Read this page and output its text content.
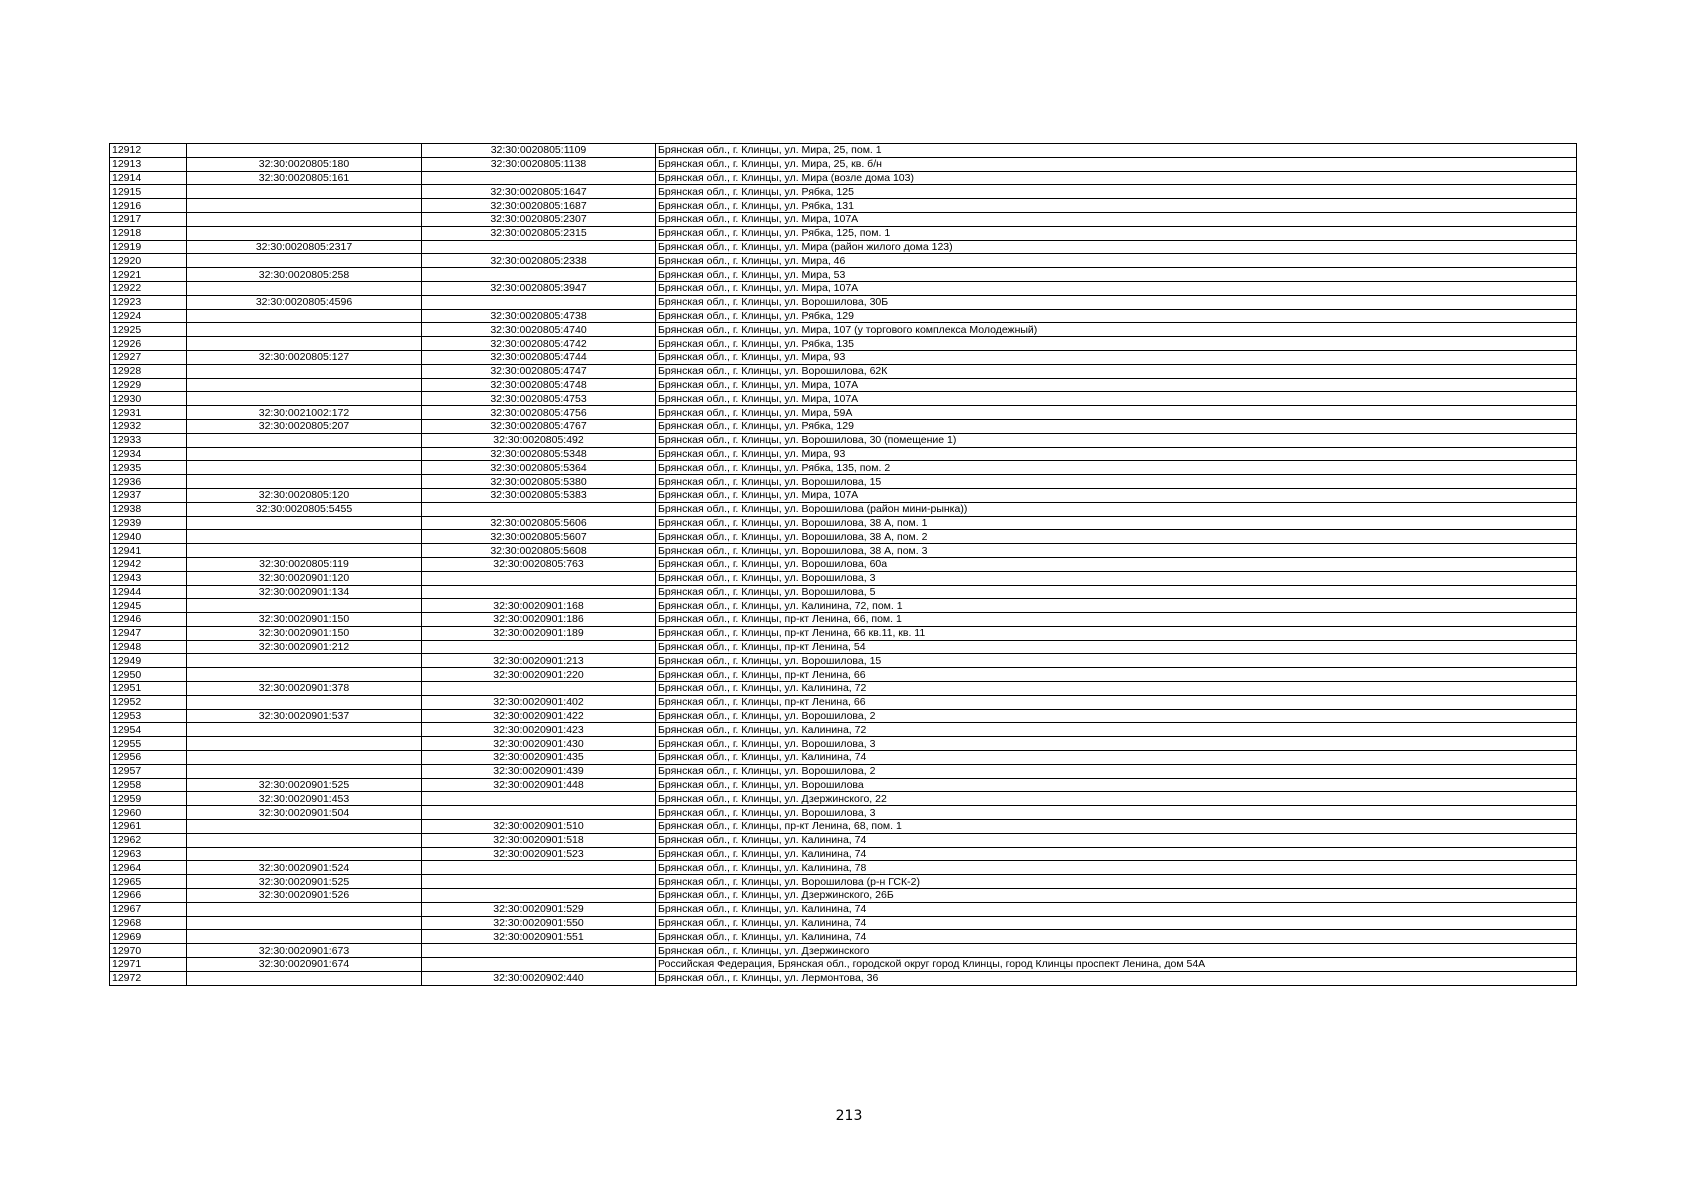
12912		32:30:0020805:1109	Брянская обл., г. Клинцы, ул. Мира, 25, пом. 1
12913	32:30:0020805:180	32:30:0020805:1138	Брянская обл., г. Клинцы, ул. Мира, 25, кв. б/н
12914	32:30:0020805:161		Брянская обл., г. Клинцы, ул. Мира (возле дома 103)
12915		32:30:0020805:1647	Брянская обл., г. Клинцы, ул. Рябка, 125
12916		32:30:0020805:1687	Брянская обл., г. Клинцы, ул. Рябка, 131
12917		32:30:0020805:2307	Брянская обл., г. Клинцы, ул. Мира, 107А
12918		32:30:0020805:2315	Брянская обл., г. Клинцы, ул. Рябка, 125, пом. 1
12919	32:30:0020805:2317		Брянская обл., г. Клинцы, ул. Мира (район жилого дома 123)
12920		32:30:0020805:2338	Брянская обл., г. Клинцы, ул. Мира, 46
12921	32:30:0020805:258		Брянская обл., г. Клинцы, ул. Мира, 53
12922		32:30:0020805:3947	Брянская обл., г. Клинцы, ул. Мира, 107А
12923	32:30:0020805:4596		Брянская обл., г. Клинцы, ул. Ворошилова, 30Б
12924		32:30:0020805:4738	Брянская обл., г. Клинцы, ул. Рябка, 129
12925		32:30:0020805:4740	Брянская обл., г. Клинцы, ул. Мира, 107 (у торгового комплекса Молодежный)
12926		32:30:0020805:4742	Брянская обл., г. Клинцы, ул. Рябка, 135
12927	32:30:0020805:127	32:30:0020805:4744	Брянская обл., г. Клинцы, ул. Мира, 93
12928		32:30:0020805:4747	Брянская обл., г. Клинцы, ул. Ворошилова, 62К
12929		32:30:0020805:4748	Брянская обл., г. Клинцы, ул. Мира, 107А
12930		32:30:0020805:4753	Брянская обл., г. Клинцы, ул. Мира, 107А
12931	32:30:0021002:172	32:30:0020805:4756	Брянская обл., г. Клинцы, ул. Мира, 59А
12932	32:30:0020805:207	32:30:0020805:4767	Брянская обл., г. Клинцы, ул. Рябка, 129
12933		32:30:0020805:492	Брянская обл., г. Клинцы, ул. Ворошилова, 30 (помещение 1)
12934		32:30:0020805:5348	Брянская обл., г. Клинцы, ул. Мира, 93
12935		32:30:0020805:5364	Брянская обл., г. Клинцы, ул. Рябка, 135, пом. 2
12936		32:30:0020805:5380	Брянская обл., г. Клинцы, ул. Ворошилова, 15
12937	32:30:0020805:120	32:30:0020805:5383	Брянская обл., г. Клинцы, ул. Мира, 107А
12938	32:30:0020805:5455		Брянская обл., г. Клинцы, ул. Ворошилова (район мини-рынка))
12939		32:30:0020805:5606	Брянская обл., г. Клинцы, ул. Ворошилова, 38 А, пом. 1
12940		32:30:0020805:5607	Брянская обл., г. Клинцы, ул. Ворошилова, 38 А, пом. 2
12941		32:30:0020805:5608	Брянская обл., г. Клинцы, ул. Ворошилова, 38 А, пом. 3
12942	32:30:0020805:119	32:30:0020805:763	Брянская обл., г. Клинцы, ул. Ворошилова, 60а
12943	32:30:0020901:120		Брянская обл., г. Клинцы, ул. Ворошилова, 3
12944	32:30:0020901:134		Брянская обл., г. Клинцы, ул. Ворошилова, 5
12945		32:30:0020901:168	Брянская обл., г. Клинцы, ул. Калинина, 72, пом. 1
12946	32:30:0020901:150	32:30:0020901:186	Брянская обл., г. Клинцы, пр-кт Ленина, 66, пом. 1
12947	32:30:0020901:150	32:30:0020901:189	Брянская обл., г. Клинцы, пр-кт Ленина, 66 кв.11, кв. 11
12948	32:30:0020901:212		Брянская обл., г. Клинцы, пр-кт Ленина, 54
12949		32:30:0020901:213	Брянская обл., г. Клинцы, ул. Ворошилова, 15
12950		32:30:0020901:220	Брянская обл., г. Клинцы, пр-кт Ленина, 66
12951	32:30:0020901:378		Брянская обл., г. Клинцы, ул. Калинина, 72
12952		32:30:0020901:402	Брянская обл., г. Клинцы, пр-кт Ленина, 66
12953	32:30:0020901:537	32:30:0020901:422	Брянская обл., г. Клинцы, ул. Ворошилова, 2
12954		32:30:0020901:423	Брянская обл., г. Клинцы, ул. Калинина, 72
12955		32:30:0020901:430	Брянская обл., г. Клинцы, ул. Ворошилова, 3
12956		32:30:0020901:435	Брянская обл., г. Клинцы, ул. Калинина, 74
12957		32:30:0020901:439	Брянская обл., г. Клинцы, ул. Ворошилова, 2
12958	32:30:0020901:525	32:30:0020901:448	Брянская обл., г. Клинцы, ул. Ворошилова
12959	32:30:0020901:453		Брянская обл., г. Клинцы, ул. Дзержинского, 22
12960	32:30:0020901:504		Брянская обл., г. Клинцы, ул. Ворошилова, 3
12961		32:30:0020901:510	Брянская обл., г. Клинцы, пр-кт Ленина, 68, пом. 1
12962		32:30:0020901:518	Брянская обл., г. Клинцы, ул. Калинина, 74
12963		32:30:0020901:523	Брянская обл., г. Клинцы, ул. Калинина, 74
12964	32:30:0020901:524		Брянская обл., г. Клинцы, ул. Калинина, 78
12965	32:30:0020901:525		Брянская обл., г. Клинцы, ул. Ворошилова (р-н ГСК-2)
12966	32:30:0020901:526		Брянская обл., г. Клинцы, ул. Дзержинского, 26Б
12967		32:30:0020901:529	Брянская обл., г. Клинцы, ул. Калинина, 74
12968		32:30:0020901:550	Брянская обл., г. Клинцы, ул. Калинина, 74
12969		32:30:0020901:551	Брянская обл., г. Клинцы, ул. Калинина, 74
12970	32:30:0020901:673		Брянская обл., г. Клинцы, ул. Дзержинского
12971	32:30:0020901:674		Российская Федерация, Брянская обл., городской округ город Клинцы, город Клинцы проспект Ленина, дом 54А
12972		32:30:0020902:440	Брянская обл., г. Клинцы, ул. Лермонтова, 36
213
